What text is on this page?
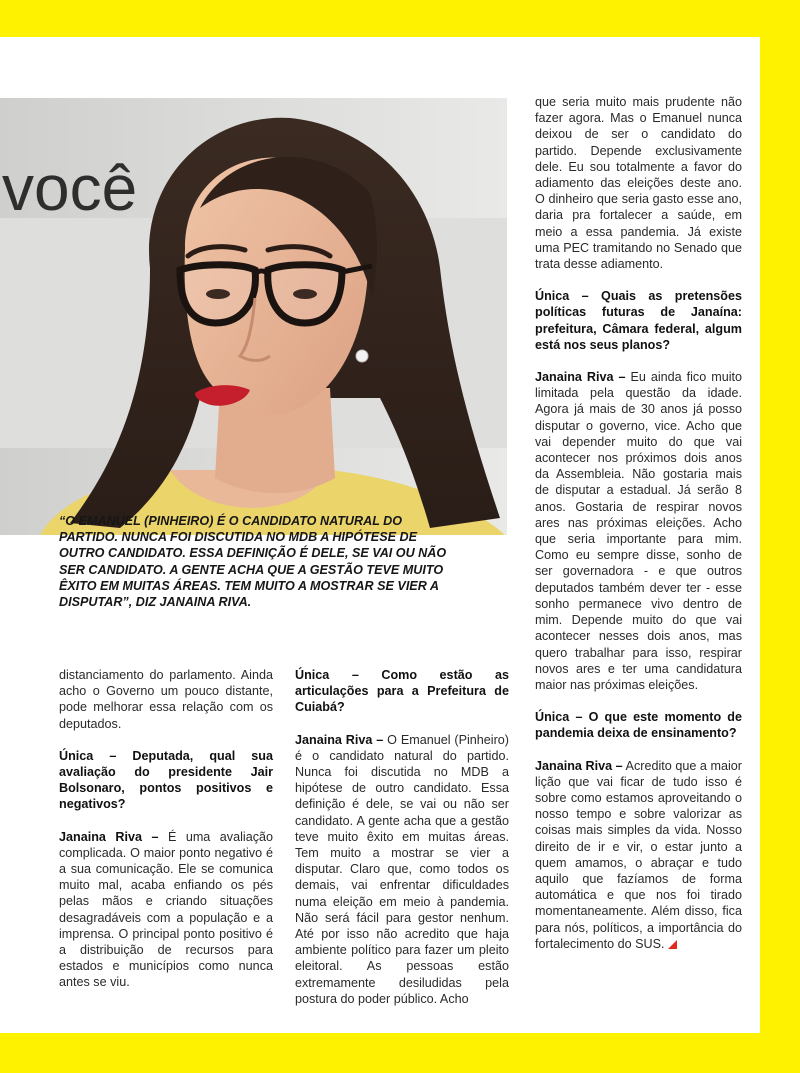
você

“O EMANUEL (PINHEIRO) É O CANDIDATO NATURAL DO PARTIDO. NUNCA FOI DISCUTIDA NO MDB A HIPÓTESE DE OUTRO CANDIDATO. ESSA DEFINIÇÃO É DELE, SE VAI OU NÃO SER CANDIDATO. A GENTE ACHA QUE A GESTÃO TEVE MUITO ÊXITO EM MUITAS ÁREAS. TEM MUITO A MOSTRAR SE VIER A DISPUTAR”, DIZ JANAINA RIVA.

distanciamento do parlamento. Ainda acho o Governo um pouco distante, pode melhorar essa relação com os deputados.

Única – Deputada, qual sua avaliação do presidente Jair Bolsonaro, pontos positivos e negativos?

Janaina Riva – É uma avaliação complicada. O maior ponto negativo é a sua comunicação. Ele se comunica muito mal, acaba enfiando os pés pelas mãos e criando situações desagradáveis com a população e a imprensa. O principal ponto positivo é a distribuição de recursos para estados e municípios como nunca antes se viu.

Única – Como estão as articulações para a Prefeitura de Cuiabá?

Janaina Riva – O Emanuel (Pinheiro) é o candidato natural do partido. Nunca foi discutida no MDB a hipótese de outro candidato. Essa definição é dele, se vai ou não ser candidato. A gente acha que a gestão teve muito êxito em muitas áreas. Tem muito a mostrar se vier a disputar. Claro que, como todos os demais, vai enfrentar dificuldades numa eleição em meio à pandemia. Não será fácil para gestor nenhum. Até por isso não acredito que haja ambiente político para fazer um pleito eleitoral. As pessoas estão extremamente desiludidas pela postura do poder público. Acho

que seria muito mais prudente não fazer agora. Mas o Emanuel nunca deixou de ser o candidato do partido. Depende exclusivamente dele. Eu sou totalmente a favor do adiamento das eleições deste ano. O dinheiro que seria gasto esse ano, daria pra fortalecer a saúde, em meio a essa pandemia. Já existe uma PEC tramitando no Senado que trata desse adiamento.

Única – Quais as pretensões políticas futuras de Janaína: prefeitura, Câmara federal, algum está nos seus planos?

Janaina Riva – Eu ainda fico muito limitada pela questão da idade. Agora já mais de 30 anos já posso disputar o governo, vice. Acho que vai depender muito do que vai acontecer nos próximos dois anos da Assembleia. Não gostaria mais de disputar a estadual. Já serão 8 anos. Gostaria de respirar novos ares nas próximas eleições. Acho que seria importante para mim. Como eu sempre disse, sonho de ser governadora - e que outros deputados também dever ter - esse sonho permanece vivo dentro de mim. Depende muito do que vai acontecer nesses dois anos, mas quero trabalhar para isso, respirar novos ares e ter uma candidatura maior nas próximas eleições.

Única – O que este momento de pandemia deixa de ensinamento?

Janaina Riva – Acredito que a maior lição que vai ficar de tudo isso é sobre como estamos aproveitando o nosso tempo e sobre valorizar as coisas mais simples da vida. Nosso direito de ir e vir, o estar junto a quem amamos, o abraçar e tudo aquilo que fazíamos de forma automática e que nos foi tirado momentaneamente. Além disso, fica para nós, políticos, a importância do fortalecimento do SUS.
